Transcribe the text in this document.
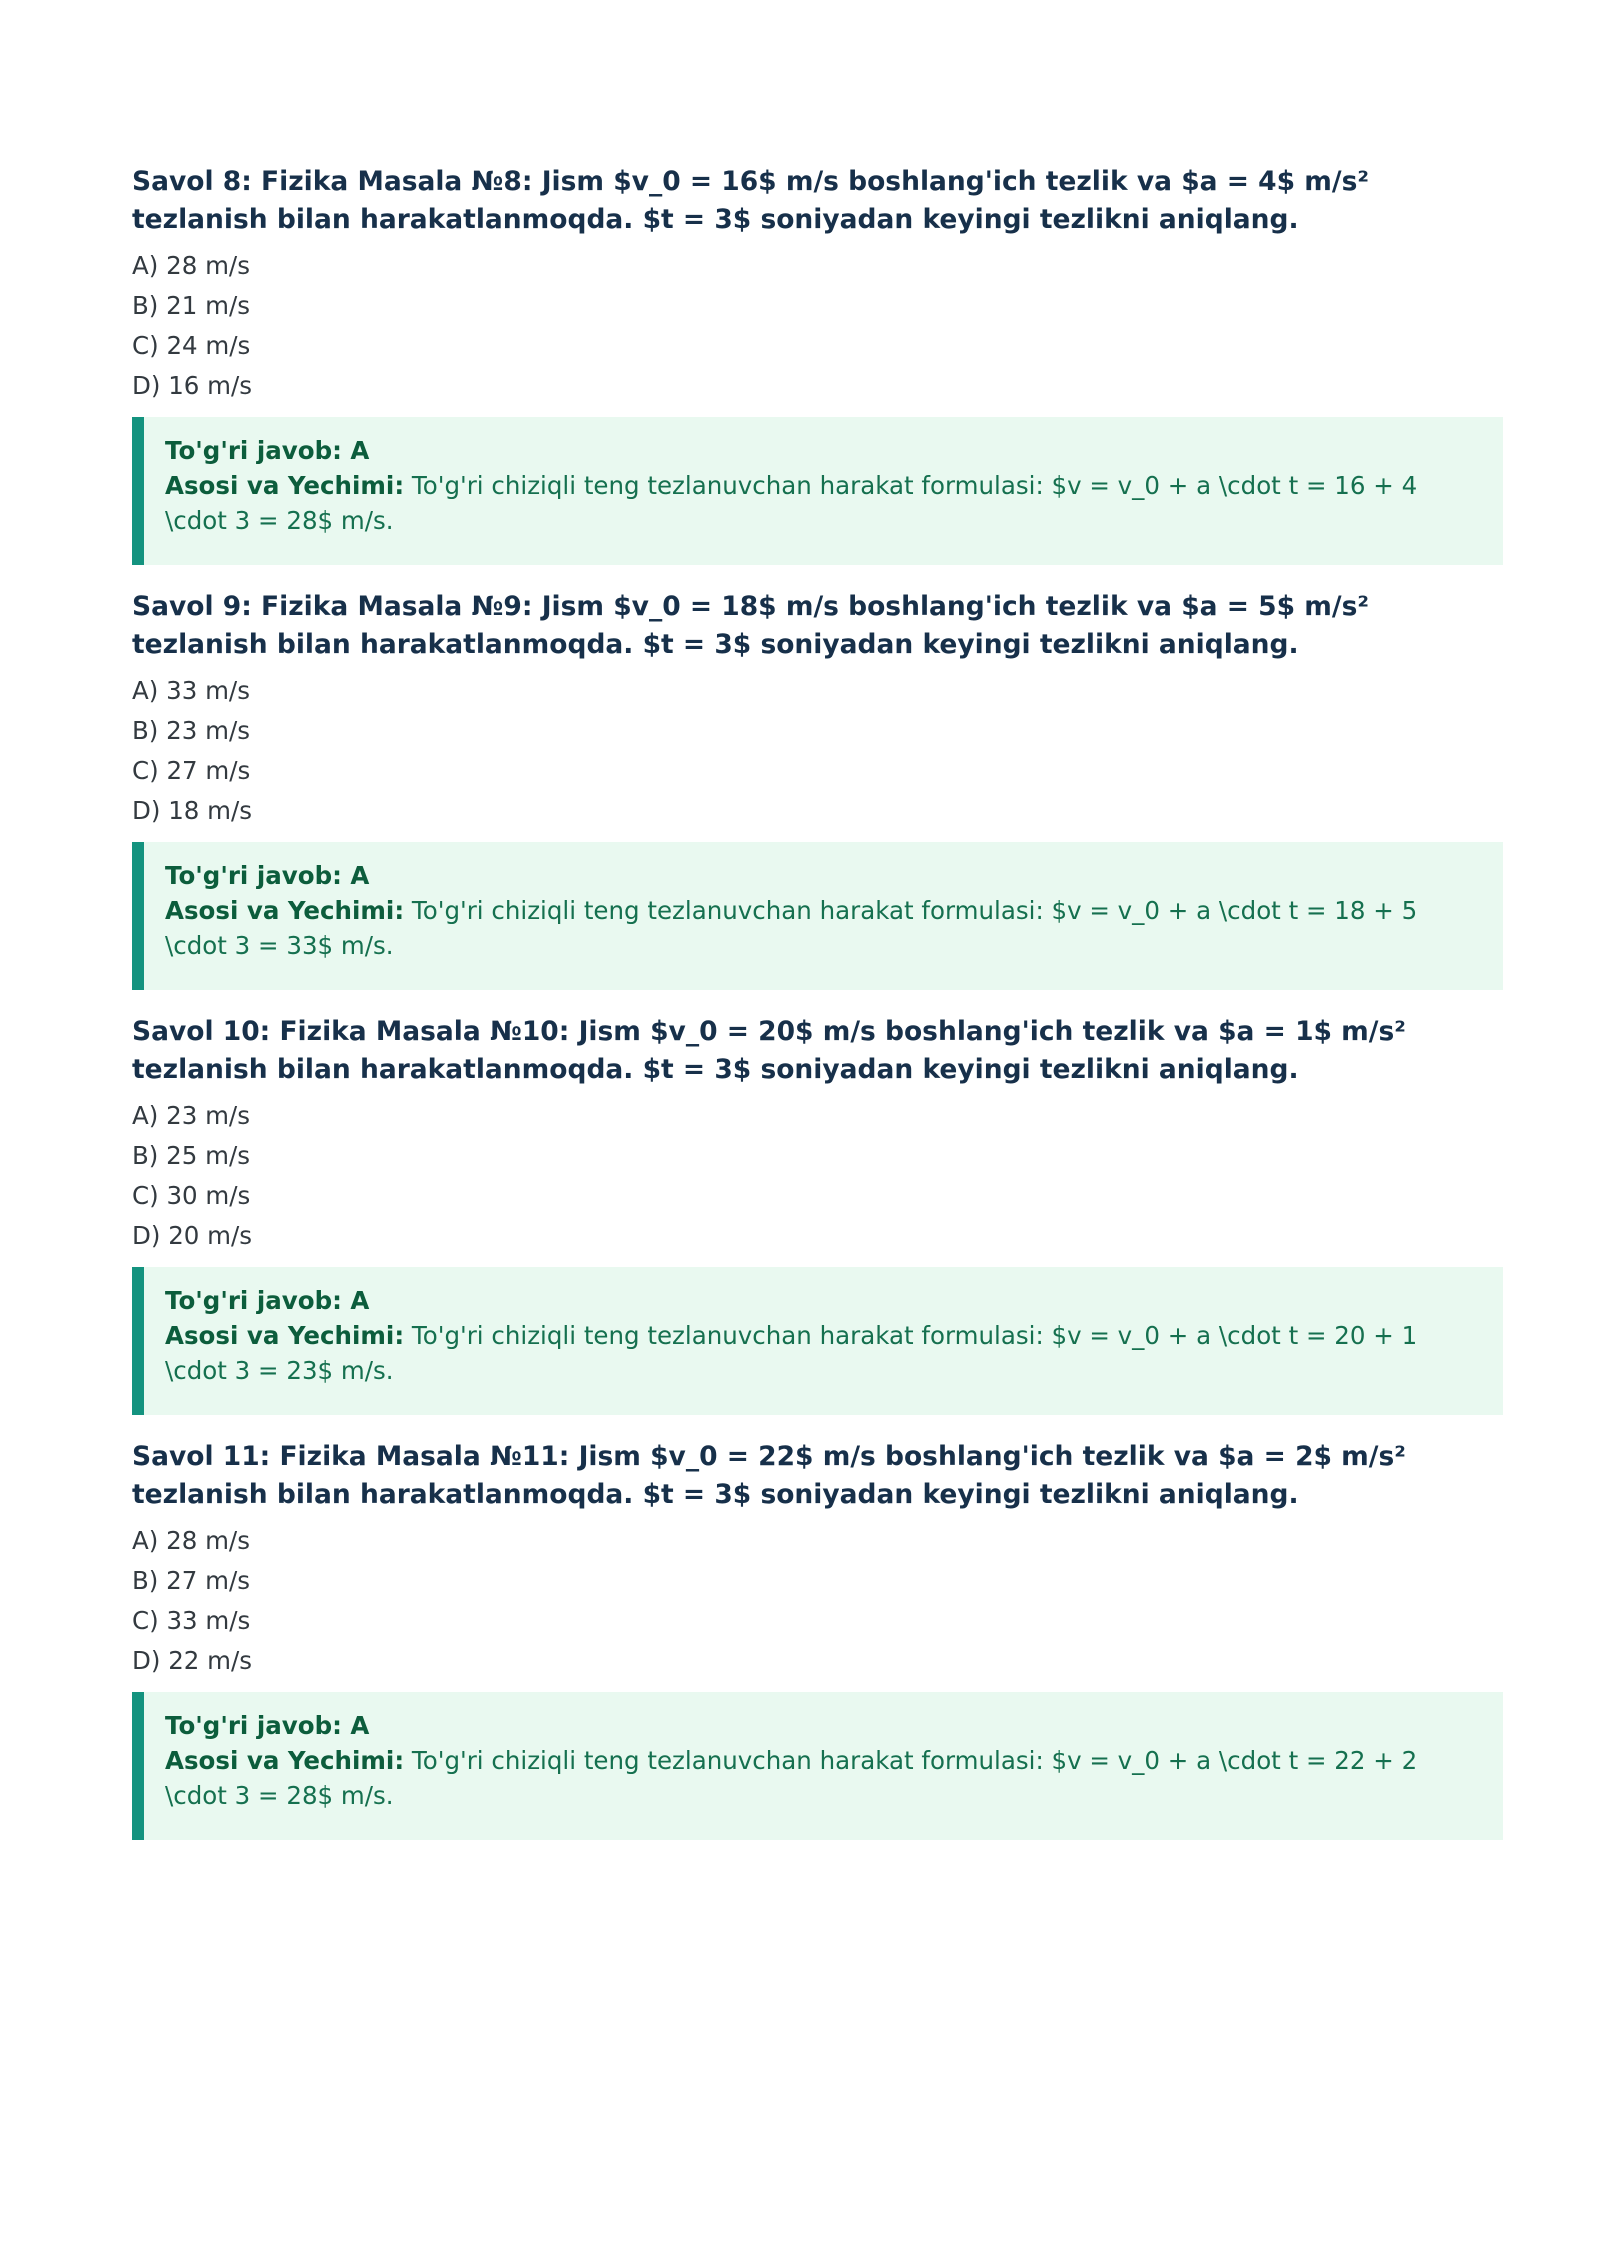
Savol 8: Fizika Masala №8: Jism $v_0 = 16$ m/s boshlang'ich tezlik va $a = 4$ m/s² tezlanish bilan harakatlanmoqda. $t = 3$ soniyadan keyingi tezlikni aniqlang.

A) 28 m/s
B) 21 m/s
C) 24 m/s
D) 16 m/s
To'g'ri javob: A
Asosi va Yechimi: To'g'ri chiziqli teng tezlanuvchan harakat formulasi: $v = v_0 + a \cdot t = 16 + 4 \cdot 3 = 28$ m/s.

Savol 9: Fizika Masala №9: Jism $v_0 = 18$ m/s boshlang'ich tezlik va $a = 5$ m/s² tezlanish bilan harakatlanmoqda. $t = 3$ soniyadan keyingi tezlikni aniqlang.

A) 33 m/s
B) 23 m/s
C) 27 m/s
D) 18 m/s
To'g'ri javob: A
Asosi va Yechimi: To'g'ri chiziqli teng tezlanuvchan harakat formulasi: $v = v_0 + a \cdot t = 18 + 5 \cdot 3 = 33$ m/s.

Savol 10: Fizika Masala №10: Jism $v_0 = 20$ m/s boshlang'ich tezlik va $a = 1$ m/s² tezlanish bilan harakatlanmoqda. $t = 3$ soniyadan keyingi tezlikni aniqlang.

A) 23 m/s
B) 25 m/s
C) 30 m/s
D) 20 m/s
To'g'ri javob: A
Asosi va Yechimi: To'g'ri chiziqli teng tezlanuvchan harakat formulasi: $v = v_0 + a \cdot t = 20 + 1 \cdot 3 = 23$ m/s.

Savol 11: Fizika Masala №11: Jism $v_0 = 22$ m/s boshlang'ich tezlik va $a = 2$ m/s² tezlanish bilan harakatlanmoqda. $t = 3$ soniyadan keyingi tezlikni aniqlang.

A) 28 m/s
B) 27 m/s
C) 33 m/s
D) 22 m/s
To'g'ri javob: A
Asosi va Yechimi: To'g'ri chiziqli teng tezlanuvchan harakat formulasi: $v = v_0 + a \cdot t = 22 + 2 \cdot 3 = 28$ m/s.
